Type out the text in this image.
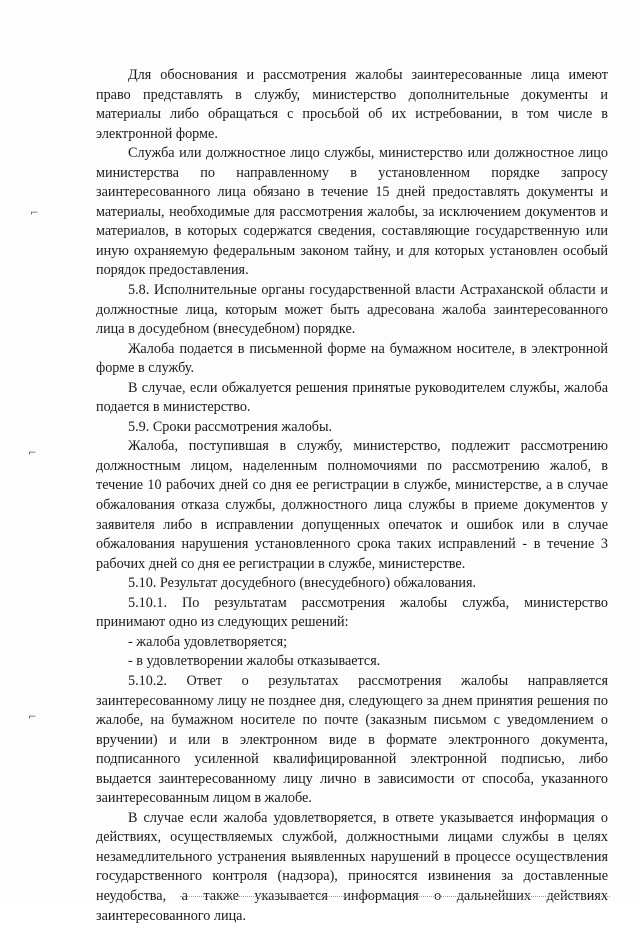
⌐
⌐
⌐

Для обоснования и рассмотрения жалобы заинтересованные лица имеют право представлять в службу, министерство дополнительные документы и материалы либо обращаться с просьбой об их истребовании, в том числе в электронной форме.

Служба или должностное лицо службы, министерство или должностное лицо министерства по направленному в установленном порядке запросу заинтересованного лица обязано в течение 15 дней предоставлять документы и материалы, необходимые для рассмотрения жалобы, за исключением документов и материалов, в которых содержатся сведения, составляющие государственную или иную охраняемую федеральным законом тайну, и для которых установлен особый порядок предоставления.

5.8. Исполнительные органы государственной власти Астраханской области и должностные лица, которым может быть адресована жалоба заинтересованного лица в досудебном (внесудебном) порядке.

Жалоба подается в письменной форме на бумажном носителе, в электронной форме в службу.

В случае, если обжалуется решения принятые руководителем службы, жалоба подается в министерство.

5.9. Сроки рассмотрения жалобы.

Жалоба, поступившая в службу, министерство, подлежит рассмотрению должностным лицом, наделенным полномочиями по рассмотрению жалоб, в течение 10 рабочих дней со дня ее регистрации в службе, министерстве, а в случае обжалования отказа службы, должностного лица службы в приеме документов у заявителя либо в исправлении допущенных опечаток и ошибок или в случае обжалования нарушения установленного срока таких исправлений - в течение 3 рабочих дней со дня ее регистрации в службе, министерстве.

5.10. Результат досудебного (внесудебного) обжалования.

5.10.1. По результатам рассмотрения жалобы служба, министерство принимают одно из следующих решений:

- жалоба удовлетворяется;

- в удовлетворении жалобы отказывается.

5.10.2. Ответ о результатах рассмотрения жалобы направляется заинтересованному лицу не позднее дня, следующего за днем принятия решения по жалобе, на бумажном носителе по почте (заказным письмом с уведомлением о вручении) и или в электронном виде в формате электронного документа, подписанного усиленной квалифицированной электронной подписью, либо выдается заинтересованному лицу лично в зависимости от способа, указанного заинтересованным лицом в жалобе.

В случае если жалоба удовлетворяется, в ответе указывается информация о действиях, осуществляемых службой, должностными лицами службы в целях незамедлительного устранения выявленных нарушений в процессе осуществления государственного контроля (надзора), приносятся извинения за доставленные неудобства, а также указывается информация о дальнейших действиях заинтересованного лица.
